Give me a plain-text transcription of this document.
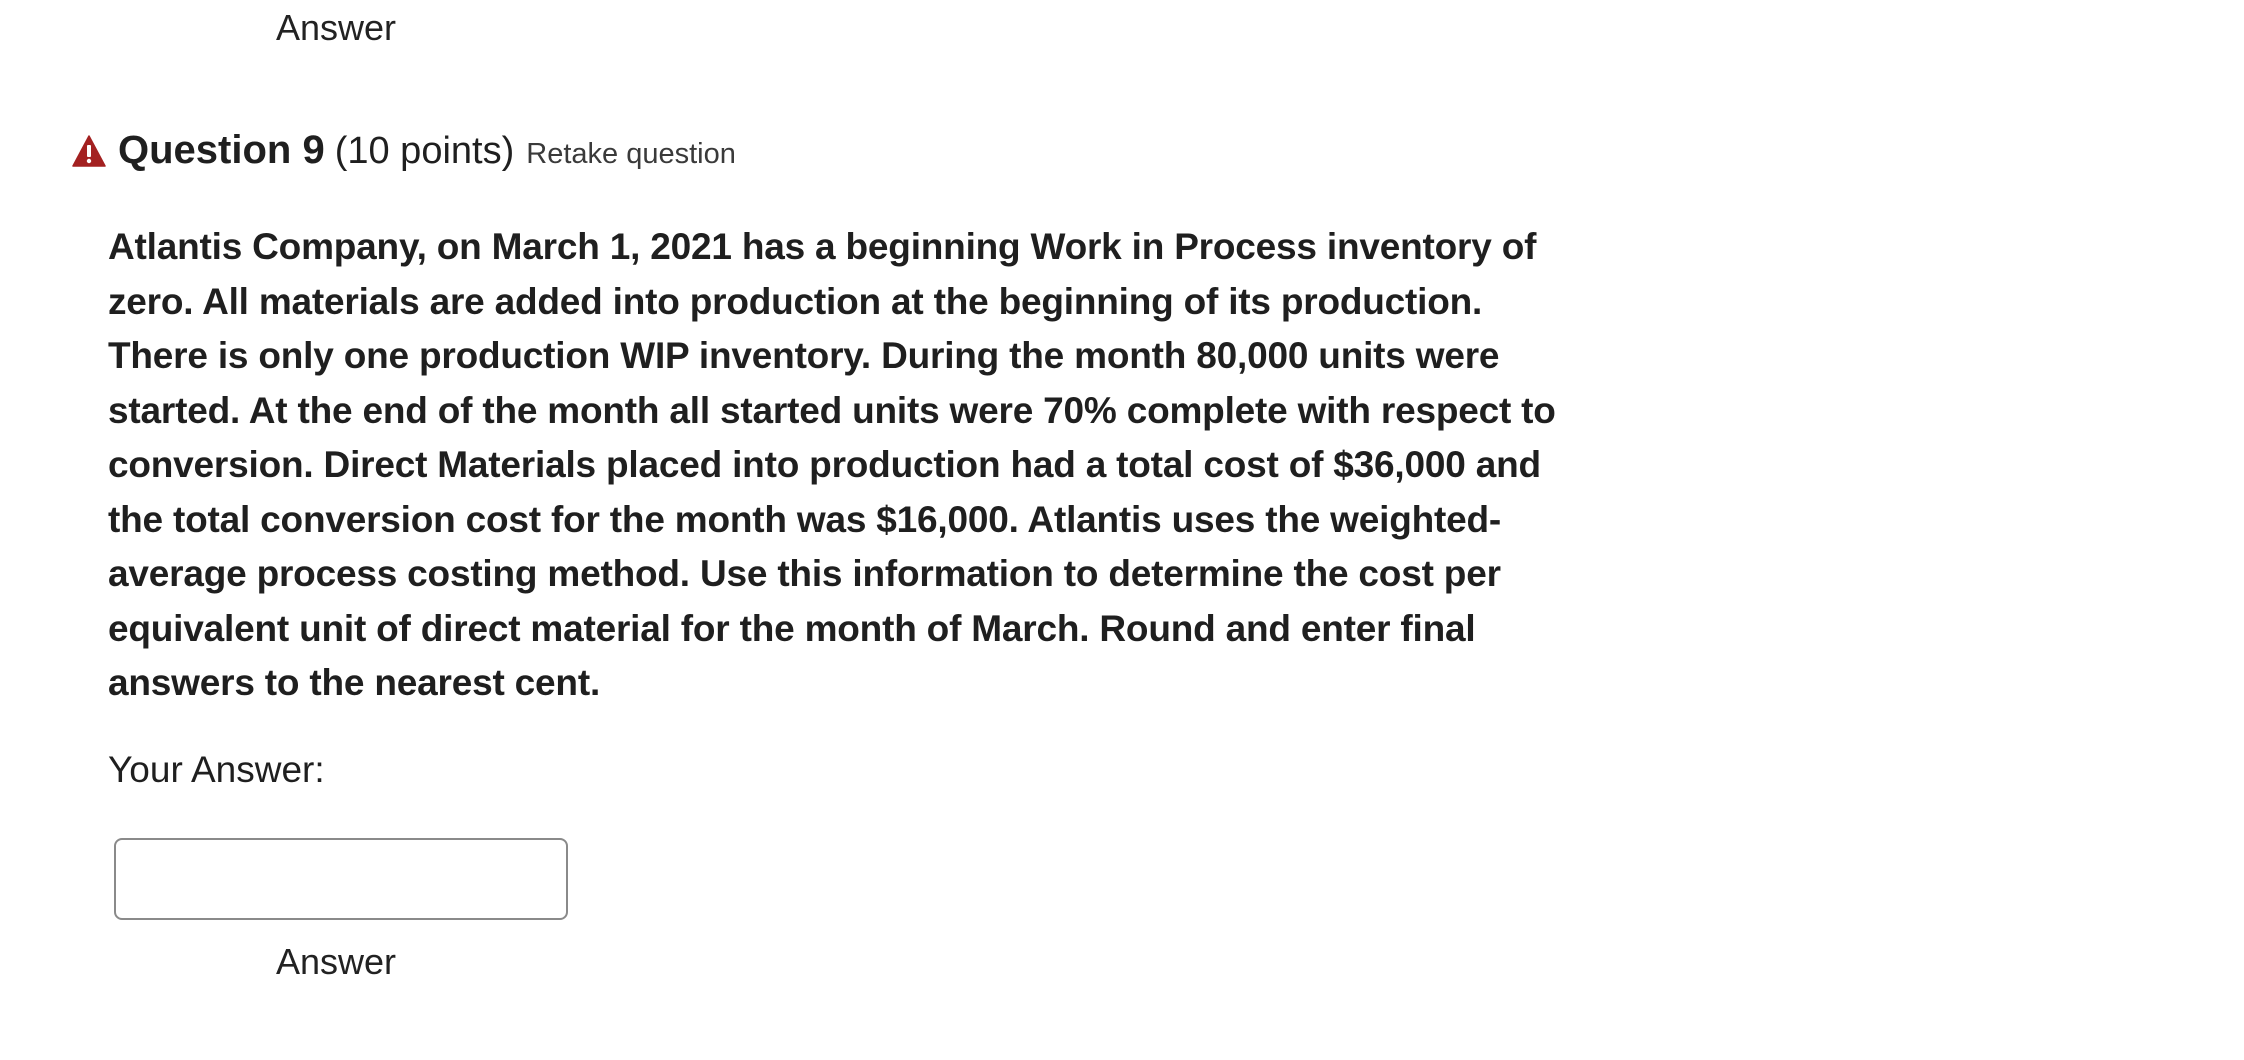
Answer
Question 9 (10 points) Retake question
Atlantis Company, on March 1, 2021 has a beginning Work in Process inventory of zero. All materials are added into production at the beginning of its production. There is only one production WIP inventory. During the month 80,000 units were started. At the end of the month all started units were 70% complete with respect to conversion. Direct Materials placed into production had a total cost of $36,000 and the total conversion cost for the month was $16,000. Atlantis uses the weighted-average process costing method. Use this information to determine the cost per equivalent unit of direct material for the month of March. Round and enter final answers to the nearest cent.
Your Answer:
Answer
